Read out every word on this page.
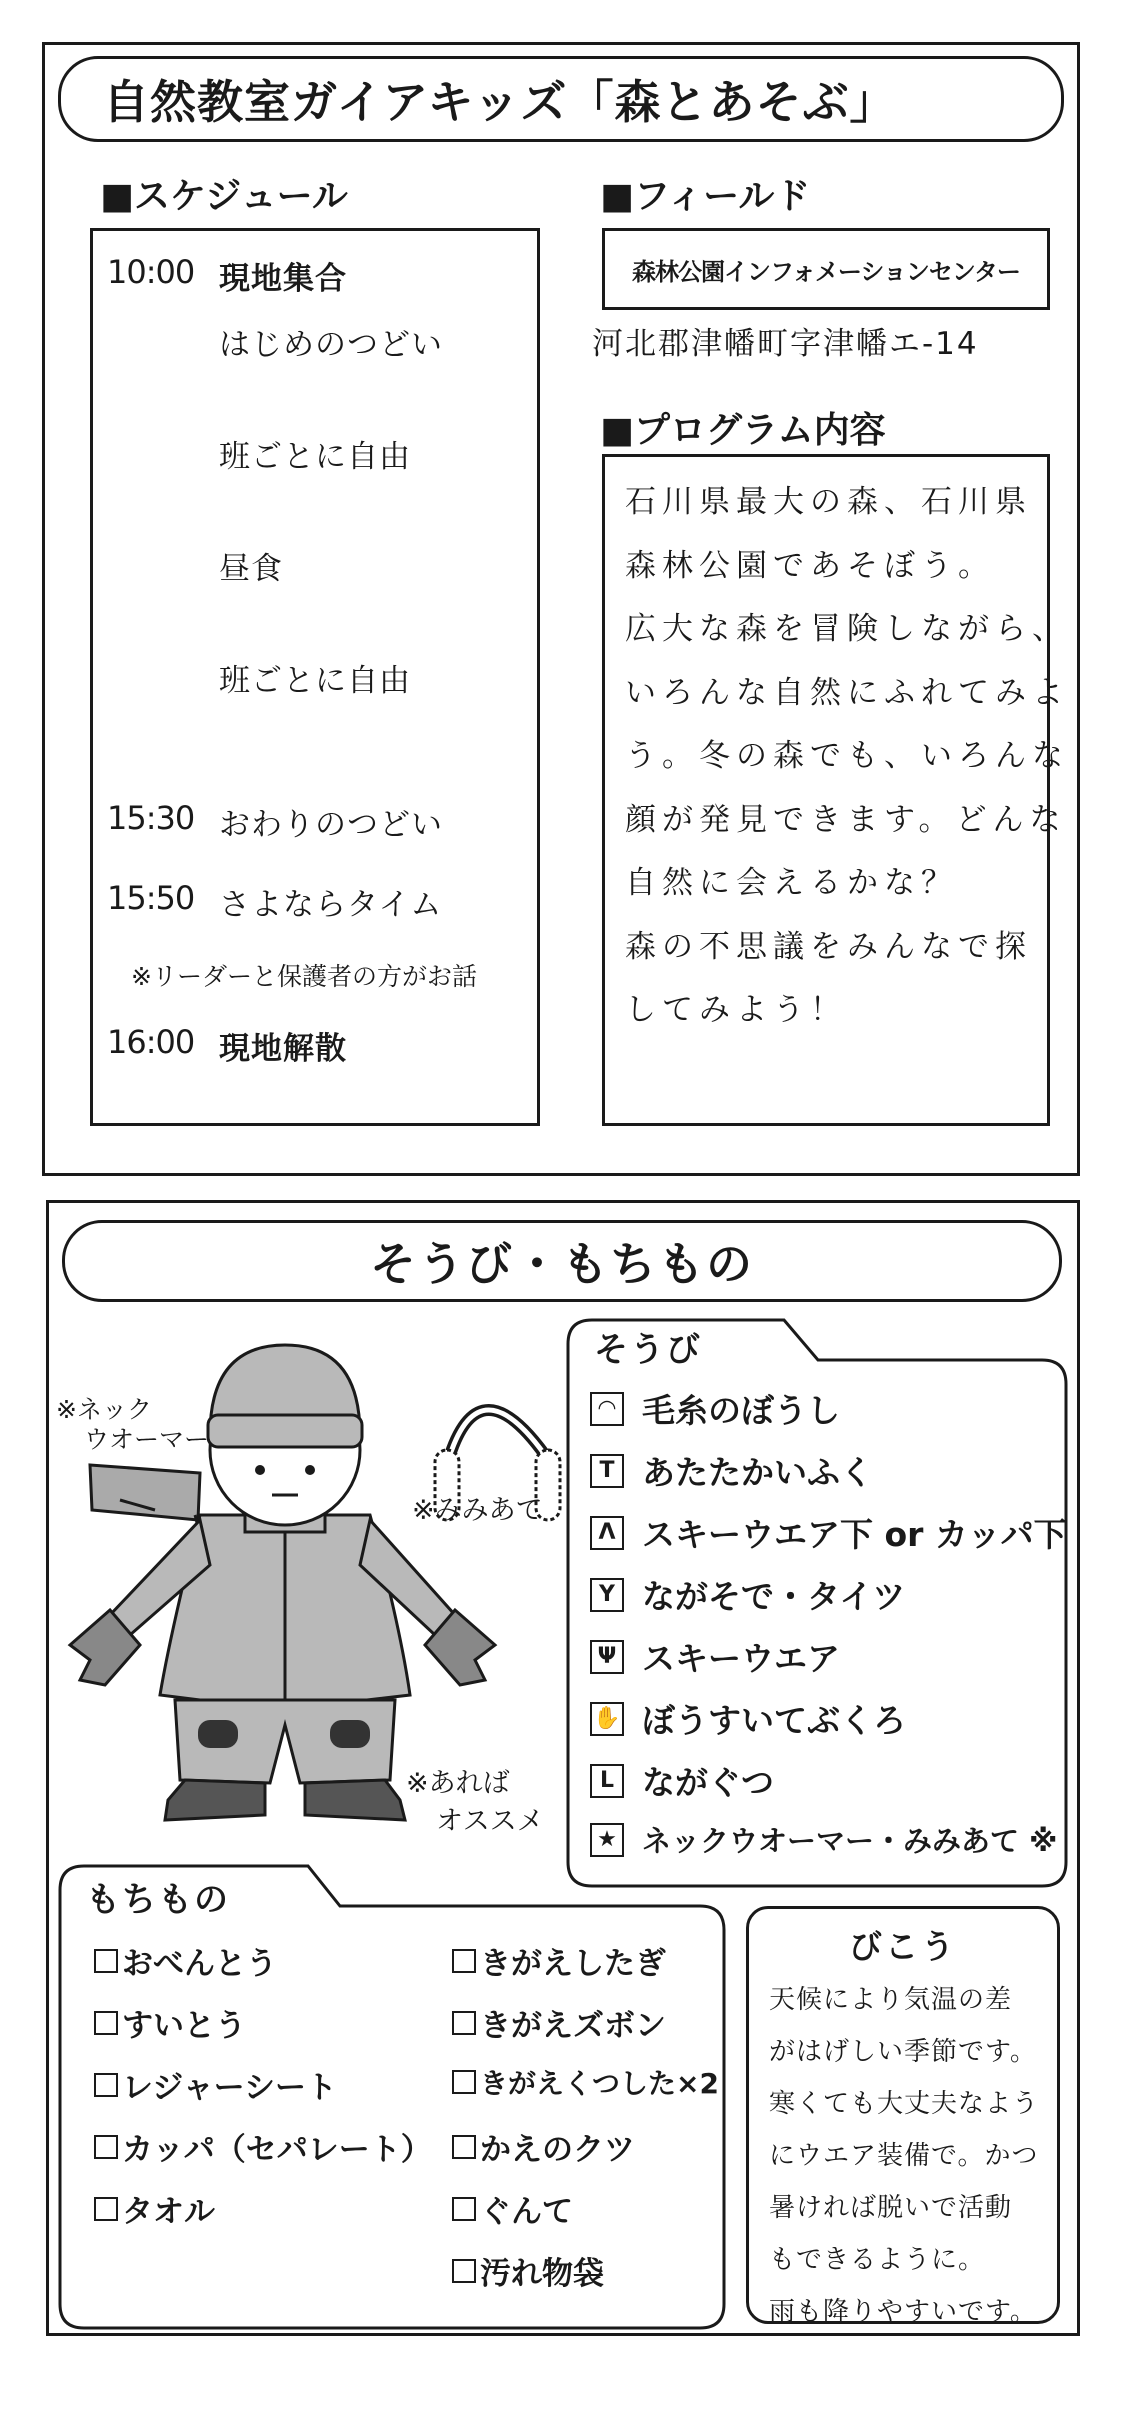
自然教室ガイアキッズ「森とあそぶ」
■スケジュール
10:00 現地集合
はじめのつどい
班ごとに自由
昼食
班ごとに自由
15:30 おわりのつどい
15:50 さよならタイム
※リーダーと保護者の方がお話
16:00 現地解散
■フィールド
森林公園インフォメーションセンター
河北郡津幡町字津幡エ-14
■プログラム内容
石川県最大の森、石川県
森林公園であそぼう。
広大な森を冒険しながら、
いろんな自然にふれてみよ
う。冬の森でも、いろんな
顔が発見できます。どんな
自然に会えるかな？
森の不思議をみんなで探
してみよう！
そうび・もちもの
※ネック
ウオーマー
※みみあて
※あれば
オススメ
そうび
◠ 毛糸のぼうし
T あたたかいふく
Λ スキーウエア下 or カッパ下
Y ながそで・タイツ
Ψ スキーウエア
✋ ぼうすいてぶくろ
L ながぐつ
★ ネックウオーマー・みみあて ※
もちもの
おべんとう
すいとう
レジャーシート
カッパ（セパレート）
タオル
きがえしたぎ
きがえズボン
きがえくつした×2
かえのクツ
ぐんて
汚れ物袋
びこう
天候により気温の差
がはげしい季節です。
寒くても大丈夫なよう
にウエア装備で。かつ
暑ければ脱いで活動
もできるように。
雨も降りやすいです。
